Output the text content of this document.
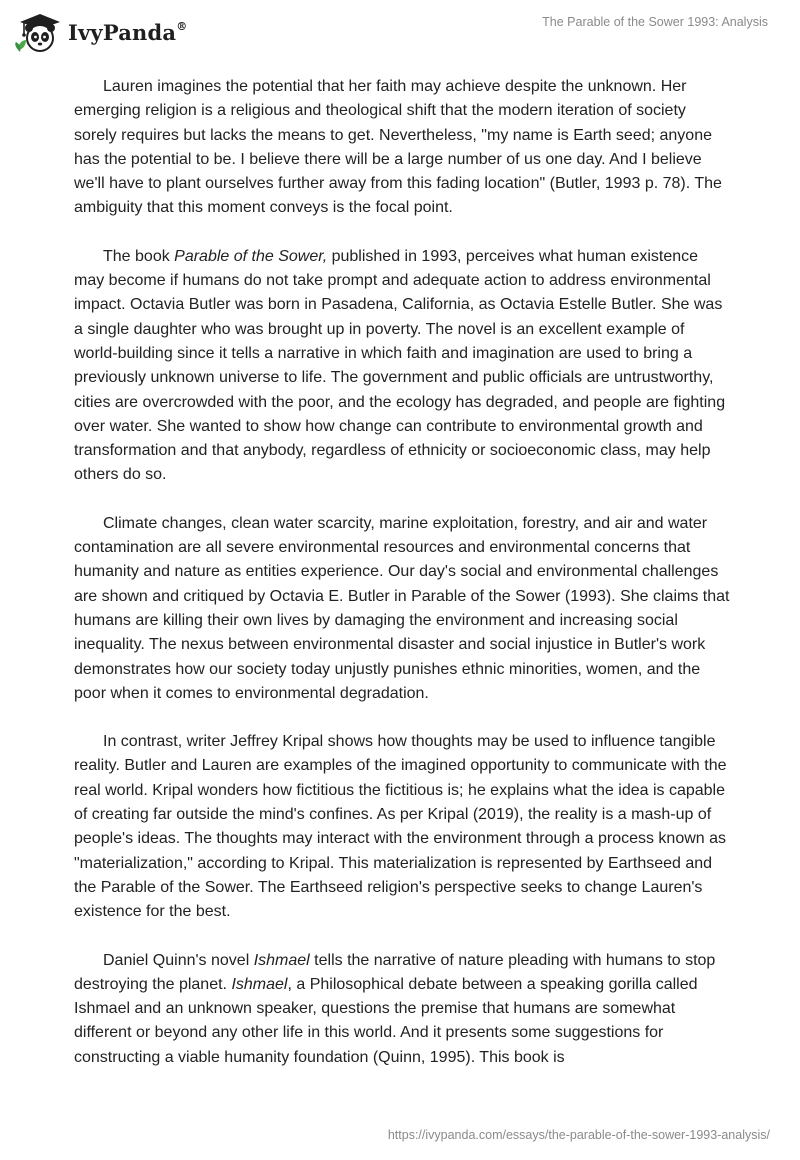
IvyPanda®	The Parable of the Sower 1993: Analysis

Lauren imagines the potential that her faith may achieve despite the unknown. Her emerging religion is a religious and theological shift that the modern iteration of society sorely requires but lacks the means to get. Nevertheless, "my name is Earth seed; anyone has the potential to be. I believe there will be a large number of us one day. And I believe we'll have to plant ourselves further away from this fading location" (Butler, 1993 p. 78). The ambiguity that this moment conveys is the focal point.

The book Parable of the Sower, published in 1993, perceives what human existence may become if humans do not take prompt and adequate action to address environmental impact. Octavia Butler was born in Pasadena, California, as Octavia Estelle Butler. She was a single daughter who was brought up in poverty. The novel is an excellent example of world-building since it tells a narrative in which faith and imagination are used to bring a previously unknown universe to life. The government and public officials are untrustworthy, cities are overcrowded with the poor, and the ecology has degraded, and people are fighting over water. She wanted to show how change can contribute to environmental growth and transformation and that anybody, regardless of ethnicity or socioeconomic class, may help others do so.

Climate changes, clean water scarcity, marine exploitation, forestry, and air and water contamination are all severe environmental resources and environmental concerns that humanity and nature as entities experience. Our day's social and environmental challenges are shown and critiqued by Octavia E. Butler in Parable of the Sower (1993). She claims that humans are killing their own lives by damaging the environment and increasing social inequality. The nexus between environmental disaster and social injustice in Butler's work demonstrates how our society today unjustly punishes ethnic minorities, women, and the poor when it comes to environmental degradation.

In contrast, writer Jeffrey Kripal shows how thoughts may be used to influence tangible reality. Butler and Lauren are examples of the imagined opportunity to communicate with the real world. Kripal wonders how fictitious the fictitious is; he explains what the idea is capable of creating far outside the mind's confines. As per Kripal (2019), the reality is a mash-up of people's ideas. The thoughts may interact with the environment through a process known as "materialization," according to Kripal. This materialization is represented by Earthseed and the Parable of the Sower. The Earthseed religion's perspective seeks to change Lauren's existence for the best.

Daniel Quinn's novel Ishmael tells the narrative of nature pleading with humans to stop destroying the planet. Ishmael, a Philosophical debate between a speaking gorilla called Ishmael and an unknown speaker, questions the premise that humans are somewhat different or beyond any other life in this world. And it presents some suggestions for constructing a viable humanity foundation (Quinn, 1995). This book is

https://ivypanda.com/essays/the-parable-of-the-sower-1993-analysis/
